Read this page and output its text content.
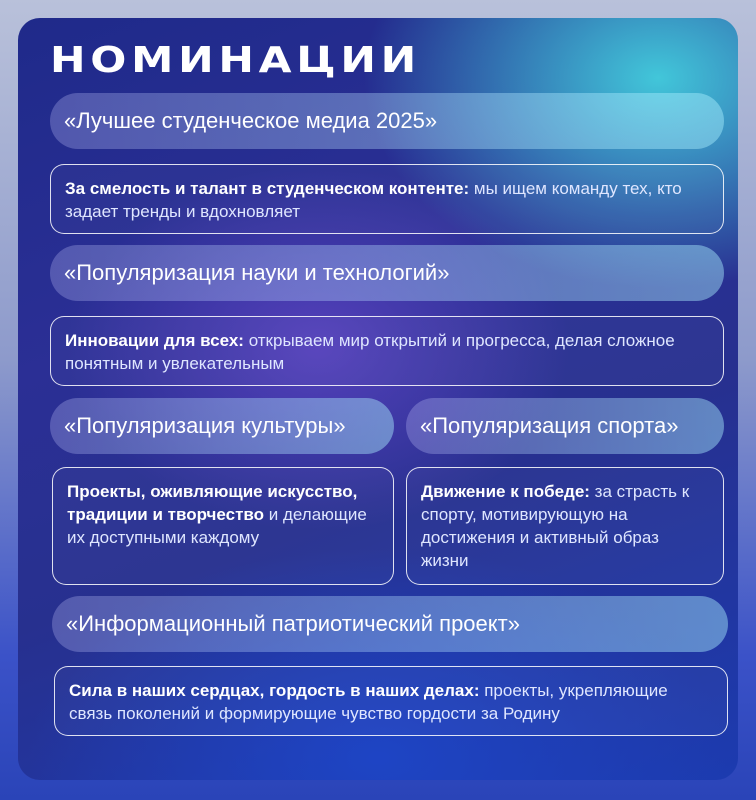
НОМИНАЦИИ
«Лучшее студенческое медиа 2025»
За смелость и талант в студенческом контенте: мы ищем команду тех, кто задает тренды и вдохновляет
«Популяризация науки и технологий»
Инновации для всех: открываем мир открытий и прогресса, делая сложное понятным и увлекательным
«Популяризация культуры»
Проекты, оживляющие искусство, традиции и творчество и делающие их доступными каждому
«Популяризация спорта»
Движение к победе: за страсть к спорту, мотивирующую на достижения и активный образ жизни
«Информационный патриотический проект»
Сила в наших сердцах, гордость в наших делах: проекты, укрепляющие связь поколений и формирующие чувство гордости за Родину
